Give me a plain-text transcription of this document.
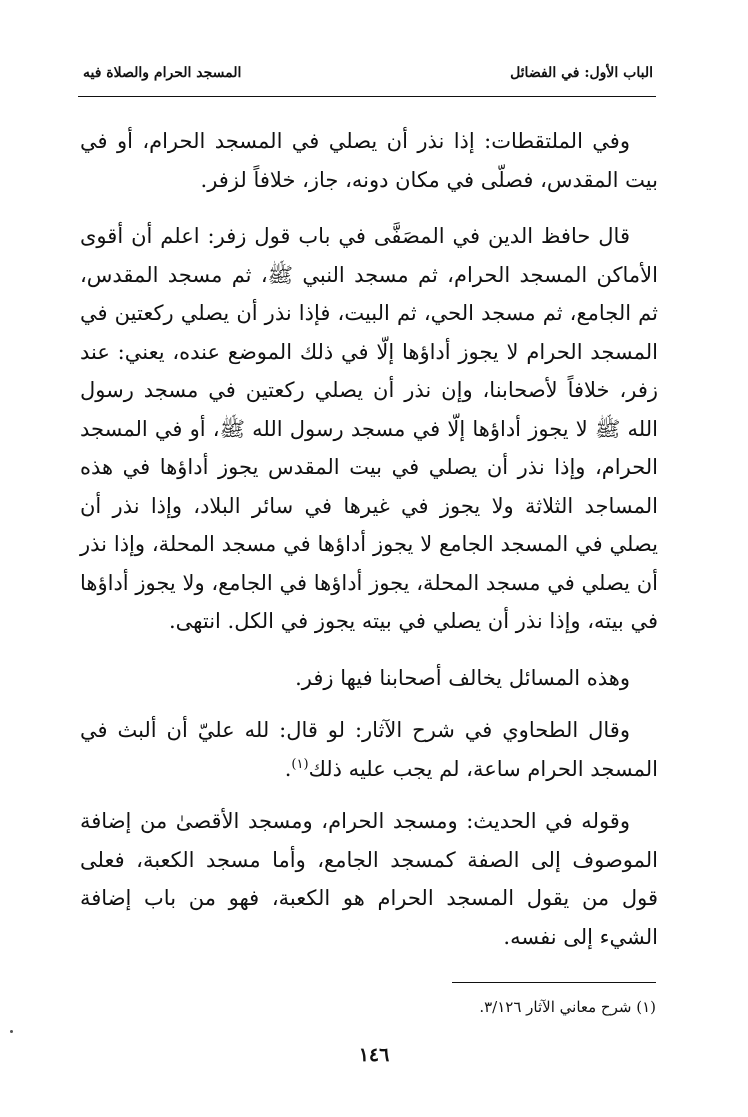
المسجد الحرام والصلاة فيه	الباب الأول: في الفضائل

وفي الملتقطات: إذا نذر أن يصلي في المسجد الحرام، أو في بيت المقدس، فصلّى في مكان دونه، جاز، خلافاً لزفر.

قال حافظ الدين في المصَفَّى في باب قول زفر: اعلم أن أقوى الأماكن المسجد الحرام، ثم مسجد النبي ﷺ، ثم مسجد المقدس، ثم الجامع، ثم مسجد الحي، ثم البيت، فإذا نذر أن يصلي ركعتين في المسجد الحرام لا يجوز أداؤها إلّا في ذلك الموضع عنده، يعني: عند زفر، خلافاً لأصحابنا، وإن نذر أن يصلي ركعتين في مسجد رسول الله ﷺ لا يجوز أداؤها إلّا في مسجد رسول الله ﷺ، أو في المسجد الحرام، وإذا نذر أن يصلي في بيت المقدس يجوز أداؤها في هذه المساجد الثلاثة ولا يجوز في غيرها في سائر البلاد، وإذا نذر أن يصلي في المسجد الجامع لا يجوز أداؤها في مسجد المحلة، وإذا نذر أن يصلي في مسجد المحلة، يجوز أداؤها في الجامع، ولا يجوز أداؤها في بيته، وإذا نذر أن يصلي في بيته يجوز في الكل. انتهى.

وهذه المسائل يخالف أصحابنا فيها زفر.

وقال الطحاوي في شرح الآثار: لو قال: لله عليّ أن ألبث في المسجد الحرام ساعة، لم يجب عليه ذلك$^{(١)}$.

وقوله في الحديث: ومسجد الحرام، ومسجد الأقصىٰ من إضافة الموصوف إلى الصفة كمسجد الجامع، وأما مسجد الكعبة، فعلى قول من يقول المسجد الحرام هو الكعبة، فهو من باب إضافة الشيء إلى نفسه.

(١) شرح معاني الآثار ٣/١٢٦.
١٤٦
